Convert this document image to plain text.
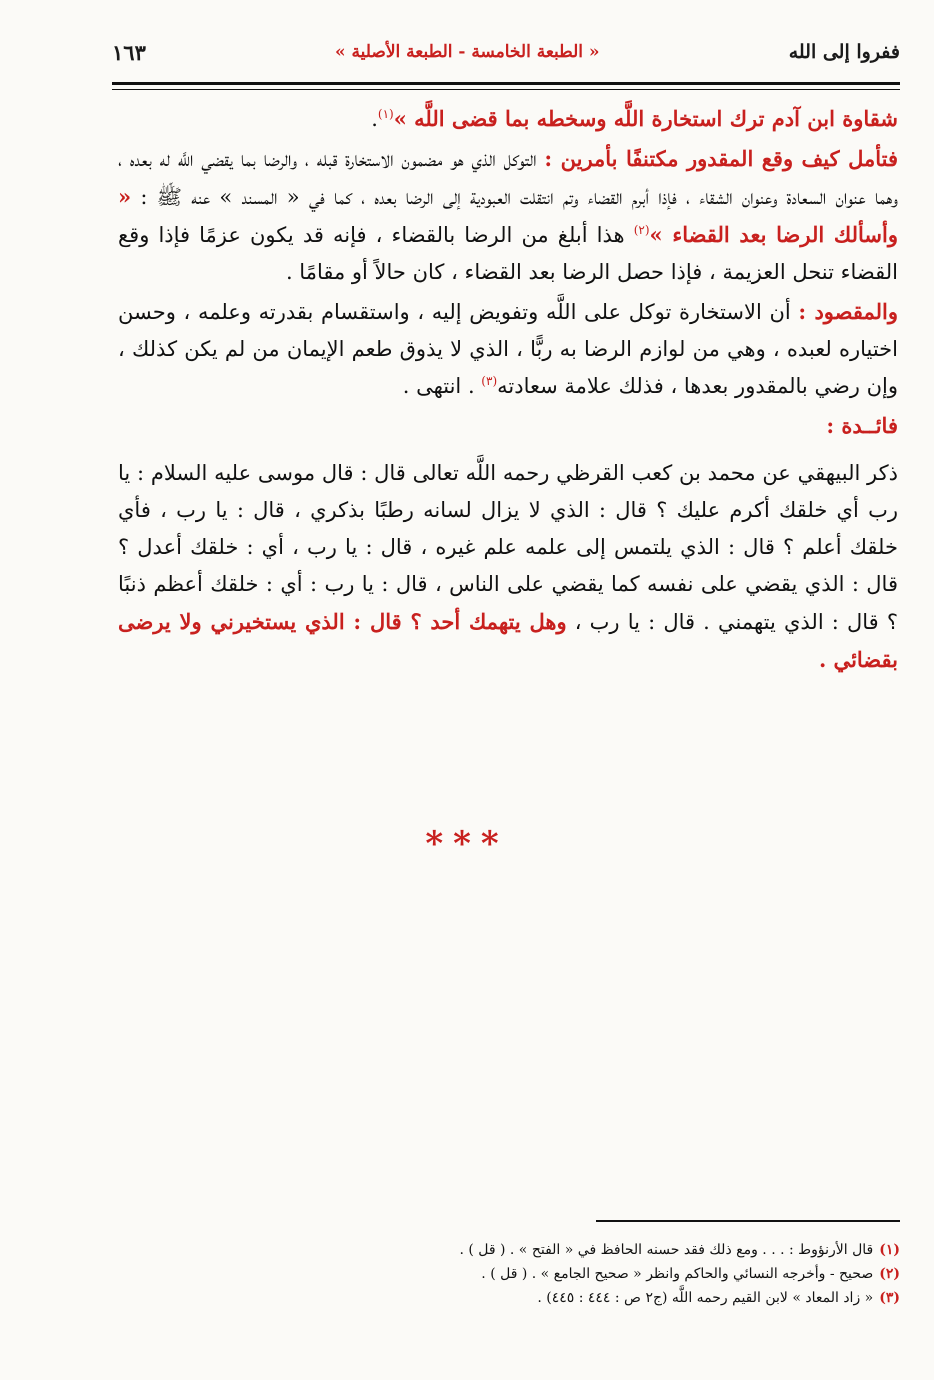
ففروا إلى الله
« الطبعة الخامسة - الطبعة الأصلية »
١٦٣

شقاوة ابن آدم ترك استخارة اللَّه وسخطه بما قضى اللَّه »$^{(١)}$.

فتأمل كيف وقع المقدور مكتنفًا بأمرين : التوكل الذي هو مضمون الاستخارة قبله ، والرضا بما يقضي اللَّه له بعده ، وهما عنوان السعادة وعنوان الشقاء ، فإذا أبرم القضاء وتم انتقلت العبودية إلى الرضا بعده ، كما في « المسند » عنه ﷺ : « وأسألك الرضا بعد القضاء »$^{(٢)}$ هذا أبلغ من الرضا بالقضاء ، فإنه قد يكون عزمًا فإذا وقع القضاء تنحل العزيمة ، فإذا حصل الرضا بعد القضاء ، كان حالاً أو مقامًا .

والمقصود : أن الاستخارة توكل على اللَّه وتفويض إليه ، واستقسام بقدرته وعلمه ، وحسن اختياره لعبده ، وهي من لوازم الرضا به ربًّا ، الذي لا يذوق طعم الإيمان من لم يكن كذلك ، وإن رضي بالمقدور بعدها ، فذلك علامة سعادته$^{(٣)}$ . انتهى .

فائــدة :

ذكر البيهقي عن محمد بن كعب القرظي رحمه اللَّه تعالى قال : قال موسى عليه السلام : يا رب أي خلقك أكرم عليك ؟ قال : الذي لا يزال لسانه رطبًا بذكري ، قال : يا رب ، فأي خلقك أعلم ؟ قال : الذي يلتمس إلى علمه علم غيره ، قال : يا رب ، أي : خلقك أعدل ؟ قال : الذي يقضي على نفسه كما يقضي على الناس ، قال : يا رب : أي : خلقك أعظم ذنبًا ؟ قال : الذي يتهمني . قال : يا رب ، وهل يتهمك أحد ؟ قال : الذي يستخيرني ولا يرضى بقضائي .

***

(١)قال الأرنؤوط : . . . ومع ذلك فقد حسنه الحافظ في « الفتح » . ( قل ) .

(٢)صحيح - وأخرجه النسائي والحاكم وانظر « صحيح الجامع » . ( قل ) .

(٣)« زاد المعاد » لابن القيم رحمه اللَّه (ج٢ ص : ٤٤٤ : ٤٤٥) .
